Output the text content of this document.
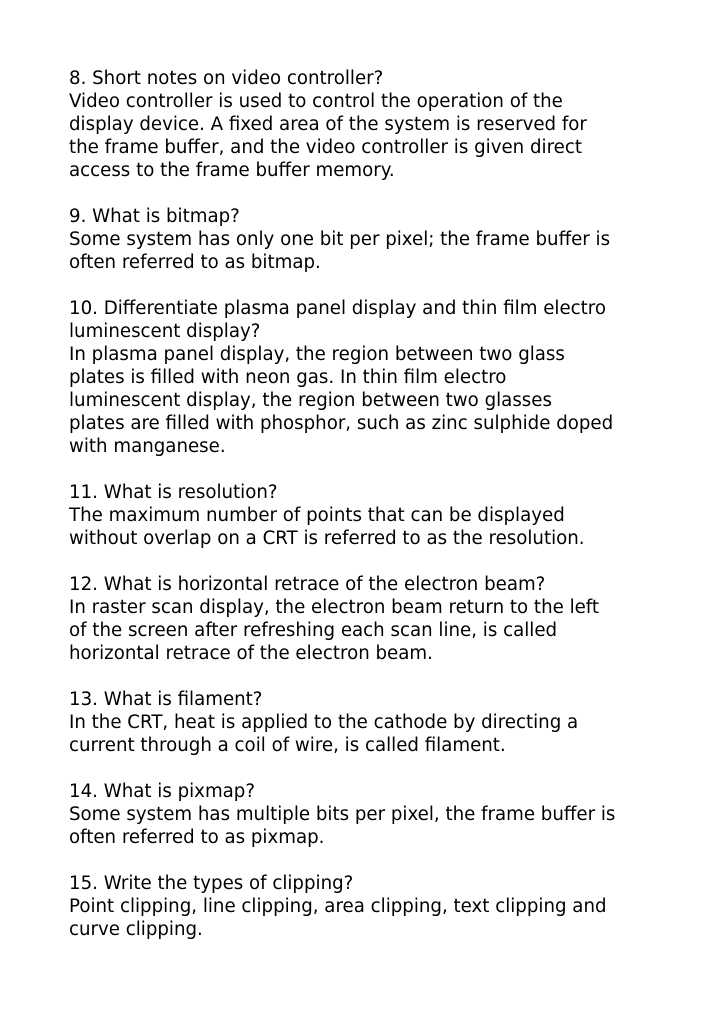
8. Short notes on video controller?
Video controller is used to control the operation of the
display device. A fixed area of the system is reserved for
the frame buffer, and the video controller is given direct
access to the frame buffer memory.
9. What is bitmap?
Some system has only one bit per pixel; the frame buffer is
often referred to as bitmap.
10. Differentiate plasma panel display and thin film electro
luminescent display?
In plasma panel display, the region between two glass
plates is filled with neon gas. In thin film electro
luminescent display, the region between two glasses
plates are filled with phosphor, such as zinc sulphide doped
with manganese.
11. What is resolution?
The maximum number of points that can be displayed
without overlap on a CRT is referred to as the resolution.
12. What is horizontal retrace of the electron beam?
In raster scan display, the electron beam return to the left
of the screen after refreshing each scan line, is called
horizontal retrace of the electron beam.
13. What is filament?
In the CRT, heat is applied to the cathode by directing a
current through a coil of wire, is called filament.
14. What is pixmap?
Some system has multiple bits per pixel, the frame buffer is
often referred to as pixmap.
15. Write the types of clipping?
Point clipping, line clipping, area clipping, text clipping and
curve clipping.
